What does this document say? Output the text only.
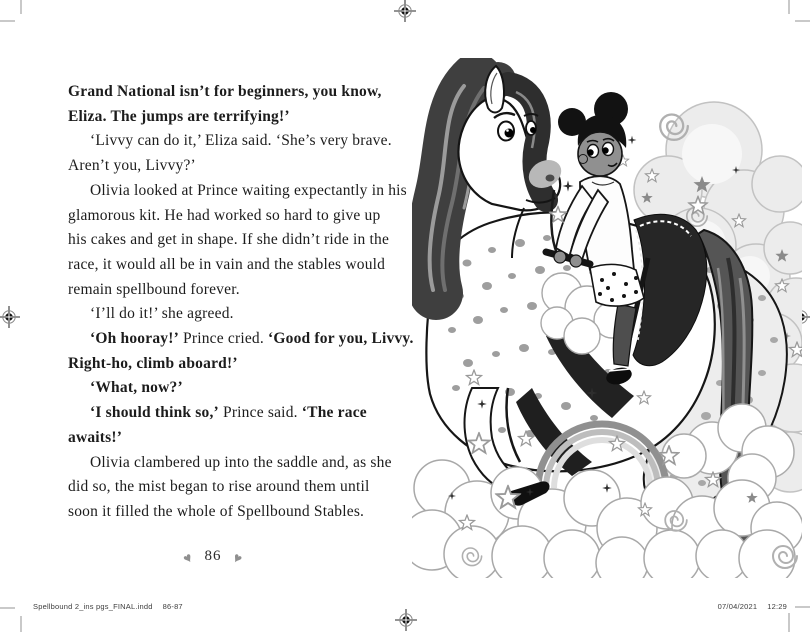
Grand National isn’t for beginners, you know,
Eliza. The jumps are terrifying!’
‘Livvy can do it,’ Eliza said. ‘She’s very brave.
Aren’t you, Livvy?’
Olivia looked at Prince waiting expectantly in his
glamorous kit. He had worked so hard to give up
his cakes and get in shape. If she didn’t ride in the
race, it would all be in vain and the stables would
remain spellbound forever.
‘I’ll do it!’ she agreed.
‘Oh hooray!’ Prince cried. ‘Good for you, Livvy.
Right-ho, climb aboard!’
‘What, now?’
‘I should think so,’ Prince said. ‘The race
awaits!’
Olivia clambered up into the saddle and, as she
did so, the mist began to rise around them until
soon it filled the whole of Spellbound Stables.
♥ 86 ♥
Spellbound 2_ins pgs_FINAL.indd 86-87	07/04/2021 12:29
